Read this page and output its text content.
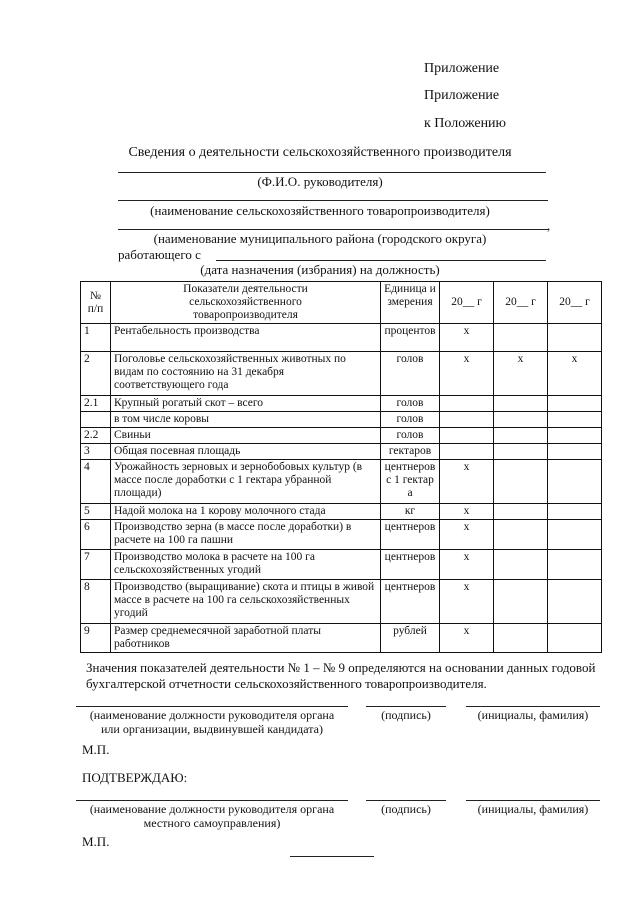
Приложение
Приложение
к Положению
Сведения о деятельности сельскохозяйственного производителя
(Ф.И.О. руководителя)
(наименование сельскохозяйственного товаропроизводителя)
,
(наименование муниципального района (городского округа)
работающего с
(дата назначения (избрания) на должность)
№ п/п	Показатели деятельности сельскохозяйственного товаропроизводителя	Единица измерения	20__ г	20__ г	20__ г
1	Рентабельность производства	процентов	х		
2	Поголовье сельскохозяйственных животных по видам по состоянию на 31 декабря соответствующего года	голов	х	х	х
2.1	Крупный рогатый скот – всего	голов			
	в том числе коровы	голов			
2.2	Свиньи	голов			
3	Общая посевная площадь	гектаров			
4	Урожайность зерновых и зернобобовых культур (в массе после доработки с 1 гектара убранной площади)	центнеров с 1 гектара	х		
5	Надой молока на 1 корову молочного стада	кг	х		
6	Производство зерна (в массе после доработки) в расчете на 100 га пашни	центнеров	х		
7	Производство молока в расчете на 100 га сельскохозяйственных угодий	центнеров	х		
8	Производство (выращивание) скота и птицы в живой массе в расчете на 100 га сельскохозяйственных угодий	центнеров	х		
9	Размер среднемесячной заработной платы работников	рублей	х		
Значения показателей деятельности № 1 – № 9 определяются на основании данных годовой бухгалтерской отчетности сельскохозяйственного товаропроизводителя.
(наименование должности руководителя органа или организации, выдвинувшей кандидата)
(подпись)	(инициалы, фамилия)
М.П.
ПОДТВЕРЖДАЮ:
(наименование должности руководителя органа местного самоуправления)
(подпись)	(инициалы, фамилия)
М.П.
